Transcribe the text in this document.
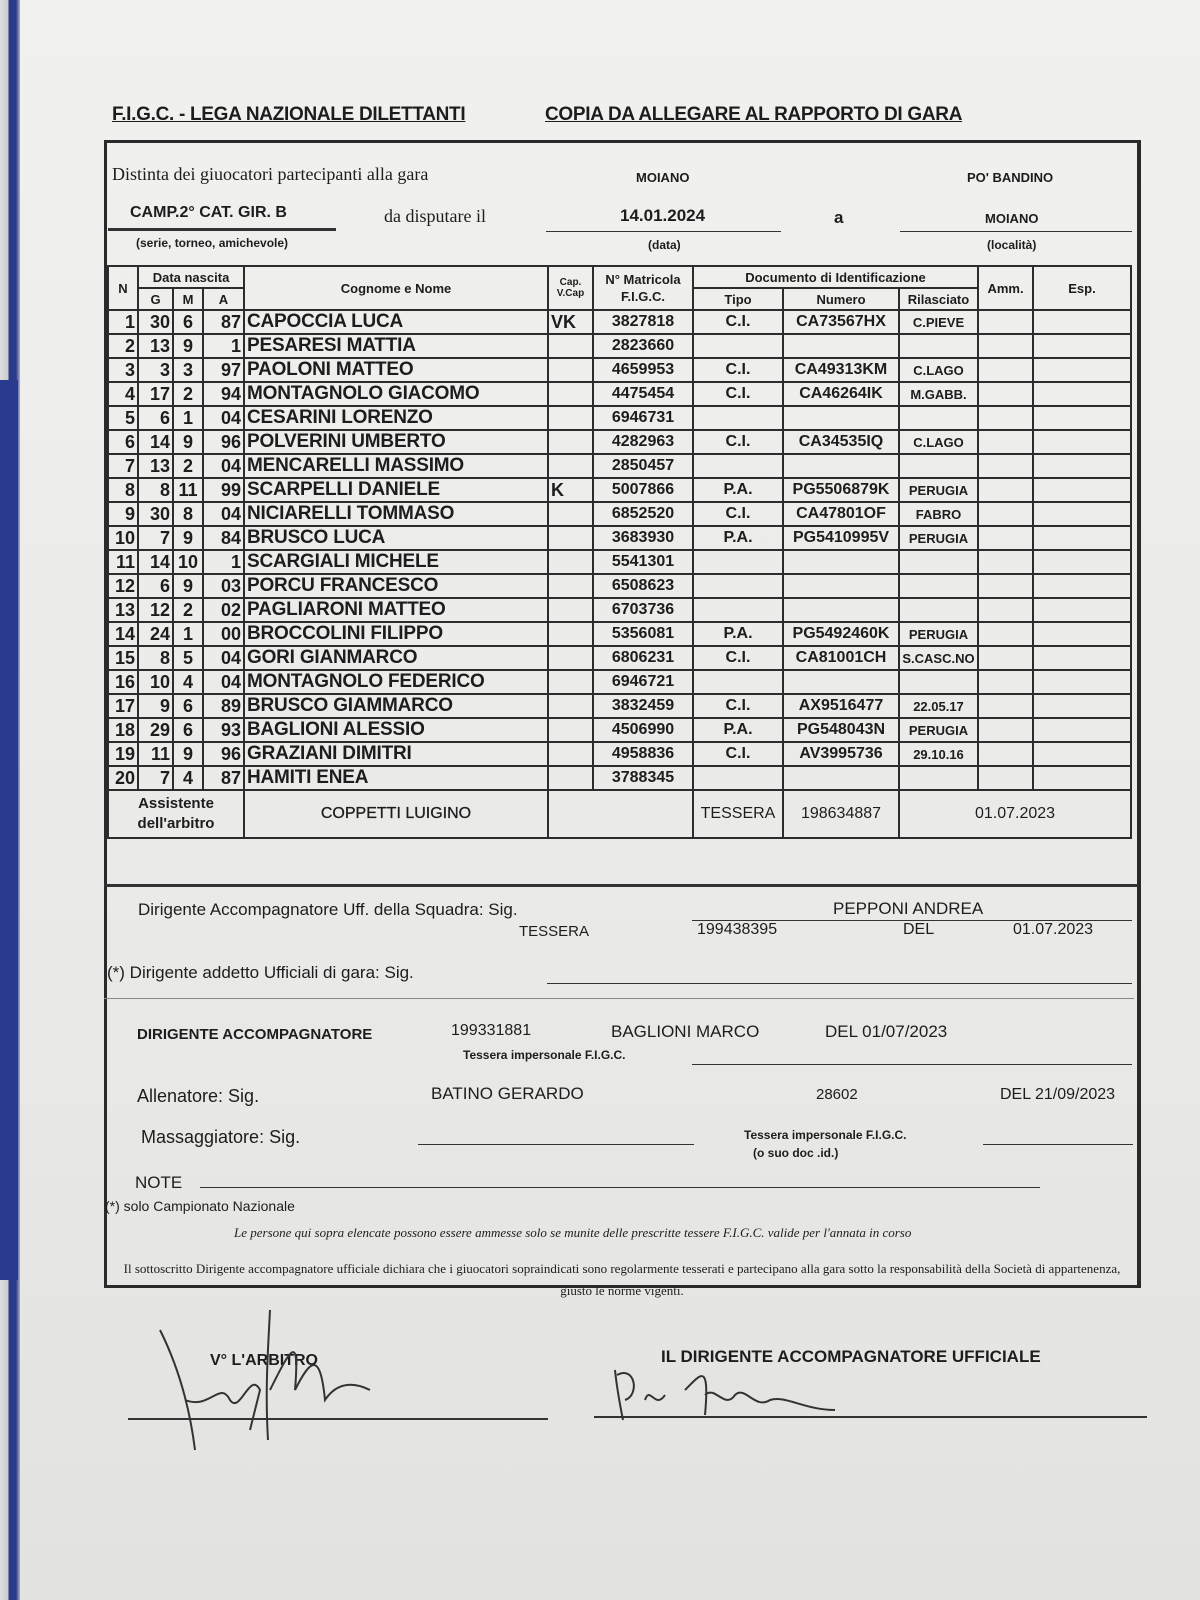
F.I.G.C. - LEGA NAZIONALE DILETTANTI	COPIA DA ALLEGARE AL RAPPORTO DI GARA
Distinta dei giuocatori partecipanti alla gara	MOIANO	PO' BANDINO
CAMP.2° CAT. GIR. B
(serie, torneo, amichevole)
da disputare il	14.01.2024
(data)
a	MOIANO
(località)
N	Data nascita			Cognome e Nome	Cap. V.Cap	N° Matricola F.I.G.C.	Documento di Identificazione			Amm.	Esp.
	G	M	A				Tipo	Numero	Rilasciato		
1	30	6	87	CAPOCCIA LUCA	VK	3827818	C.I.	CA73567HX	C.PIEVE		
2	13	9	1	PESARESI MATTIA		2823660					
3	3	3	97	PAOLONI MATTEO		4659953	C.I.	CA49313KM	C.LAGO		
4	17	2	94	MONTAGNOLO GIACOMO		4475454	C.I.	CA46264IK	M.GABB.		
5	6	1	04	CESARINI LORENZO		6946731					
6	14	9	96	POLVERINI UMBERTO		4282963	C.I.	CA34535IQ	C.LAGO		
7	13	2	04	MENCARELLI MASSIMO		2850457					
8	8	11	99	SCARPELLI DANIELE	K	5007866	P.A.	PG5506879K	PERUGIA		
9	30	8	04	NICIARELLI TOMMASO		6852520	C.I.	CA47801OF	FABRO		
10	7	9	84	BRUSCO LUCA		3683930	P.A.	PG5410995V	PERUGIA		
11	14	10	1	SCARGIALI MICHELE		5541301					
12	6	9	03	PORCU FRANCESCO		6508623					
13	12	2	02	PAGLIARONI MATTEO		6703736					
14	24	1	00	BROCCOLINI FILIPPO		5356081	P.A.	PG5492460K	PERUGIA		
15	8	5	04	GORI GIANMARCO		6806231	C.I.	CA81001CH	S.CASC.NO		
16	10	4	04	MONTAGNOLO FEDERICO		6946721					
17	9	6	89	BRUSCO GIAMMARCO		3832459	C.I.	AX9516477	22.05.17		
18	29	6	93	BAGLIONI ALESSIO		4506990	P.A.	PG548043N	PERUGIA		
19	11	9	96	GRAZIANI DIMITRI		4958836	C.I.	AV3995736	29.10.16		
20	7	4	87	HAMITI ENEA		3788345					
Assistente dell'arbitro				COPPETTI LUIGINO			TESSERA	198634887	01.07.2023		
Dirigente Accompagnatore Uff. della Squadra: Sig.	PEPPONI ANDREA
TESSERA	199438395	DEL	01.07.2023
(*) Dirigente addetto Ufficiali di gara: Sig.
DIRIGENTE ACCOMPAGNATORE	199331881	BAGLIONI MARCO	DEL 01/07/2023
Tessera impersonale F.I.G.C.
Allenatore: Sig.	BATINO GERARDO	28602	DEL 21/09/2023
Massaggiatore: Sig.	Tessera impersonale F.I.G.C.
(o suo doc .id.)
NOTE
(*) solo Campionato Nazionale
Le persone qui sopra elencate possono essere ammesse solo se munite delle prescritte tessere F.I.G.C. valide per l'annata in corso
Il sottoscritto Dirigente accompagnatore ufficiale dichiara che i giuocatori sopraindicati sono regolarmente tesserati e partecipano alla gara sotto la responsabilità della Società di appartenenza, giusto le norme vigenti.
V° L'ARBITRO	IL DIRIGENTE ACCOMPAGNATORE UFFICIALE
